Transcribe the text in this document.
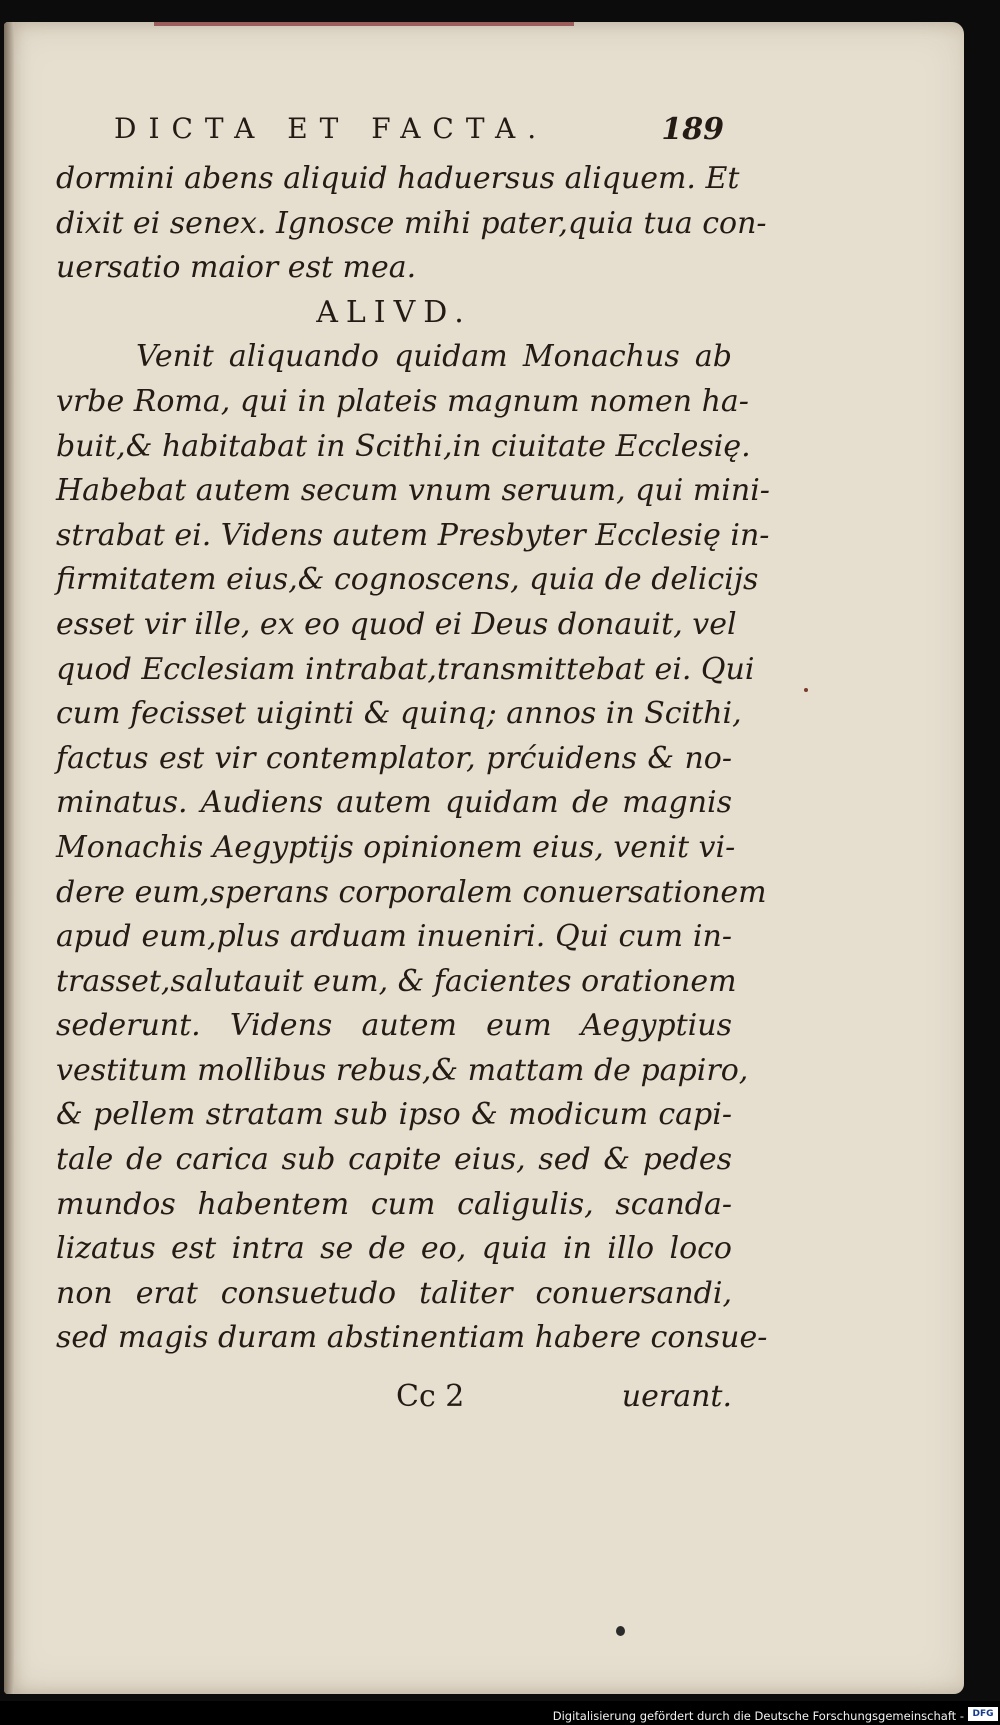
DICTA ET FACTA.	189
dormini abens aliquid haduersus aliquem. Et
dixit ei senex. Ignosce mihi pater,quia tua con-
uersatio maior est mea.
ALIVD.
Venit aliquando quidam Monachus ab
vrbe Roma, qui in plateis magnum nomen ha-
buit,& habitabat in Scithi,in ciuitate Ecclesię.
Habebat autem secum vnum seruum, qui mini-
strabat ei. Videns autem Presbyter Ecclesię in-
firmitatem eius,& cognoscens, quia de delicijs
esset vir ille, ex eo quod ei Deus donauit, vel
quod Ecclesiam intrabat,transmittebat ei. Qui
cum fecisset uiginti & quinq; annos in Scithi,
factus est vir contemplator, prćuidens & no-
minatus. Audiens autem quidam de magnis
Monachis Aegyptijs opinionem eius, venit vi-
dere eum,sperans corporalem conuersationem
apud eum,plus arduam inueniri. Qui cum in-
trasset,salutauit eum, & facientes orationem
sederunt. Videns autem eum Aegyptius
vestitum mollibus rebus,& mattam de papiro,
& pellem stratam sub ipso & modicum capi-
tale de carica sub capite eius, sed & pedes
mundos habentem cum caligulis, scanda-
lizatus est intra se de eo, quia in illo loco
non erat consuetudo taliter conuersandi,
sed magis duram abstinentiam habere consue-
Cc 2	uerant.
Digitalisierung gefördert durch die Deutsche Forschungsgemeinschaft - DFG
